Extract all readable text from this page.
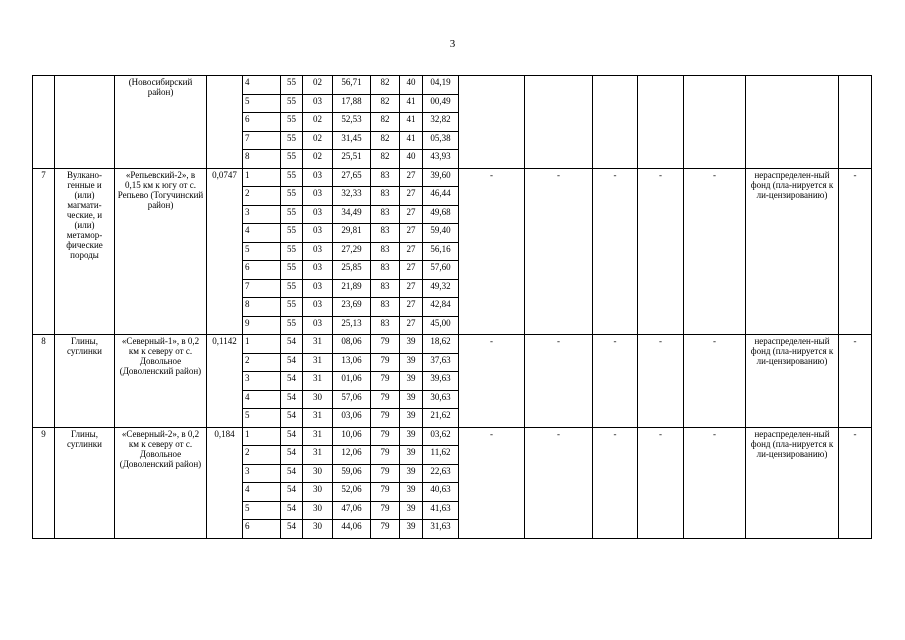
3
		(Новосибирский район)		4	55	02	56,71	82	40	04,19							
				5	55	03	17,88	82	41	00,49							
				6	55	02	52,53	82	41	32,82							
				7	55	02	31,45	82	41	05,38							
				8	55	02	25,51	82	40	43,93							
7	Вулкано-генные и (или) магмати-ческие, и (или) метамор-фические породы	«Репьевский-2», в 0,15 км к югу от с. Репьево (Тогучинский район)	0,0747	1	55	03	27,65	83	27	39,60	-	-	-	-	-	нераспределен-ный фонд (пла-нируется к ли-цензированию)	-
				2	55	03	32,33	83	27	46,44							
				3	55	03	34,49	83	27	49,68							
				4	55	03	29,81	83	27	59,40							
				5	55	03	27,29	83	27	56,16							
				6	55	03	25,85	83	27	57,60							
				7	55	03	21,89	83	27	49,32							
				8	55	03	23,69	83	27	42,84							
				9	55	03	25,13	83	27	45,00							
8	Глины, суглинки	«Северный-1», в 0,2 км к северу от с. Довольное (Доволенский район)	0,1142	1	54	31	08,06	79	39	18,62	-	-	-	-	-	нераспределен-ный фонд (пла-нируется к ли-цензированию)	-
				2	54	31	13,06	79	39	37,63							
				3	54	31	01,06	79	39	39,63							
				4	54	30	57,06	79	39	30,63							
				5	54	31	03,06	79	39	21,62							
9	Глины, суглинки	«Северный-2», в 0,2 км к северу от с. Довольное (Доволенский район)	0,184	1	54	31	10,06	79	39	03,62	-	-	-	-	-	нераспределен-ный фонд (пла-нируется к ли-цензированию)	-
				2	54	31	12,06	79	39	11,62							
				3	54	30	59,06	79	39	22,63							
				4	54	30	52,06	79	39	40,63							
				5	54	30	47,06	79	39	41,63							
				6	54	30	44,06	79	39	31,63							
